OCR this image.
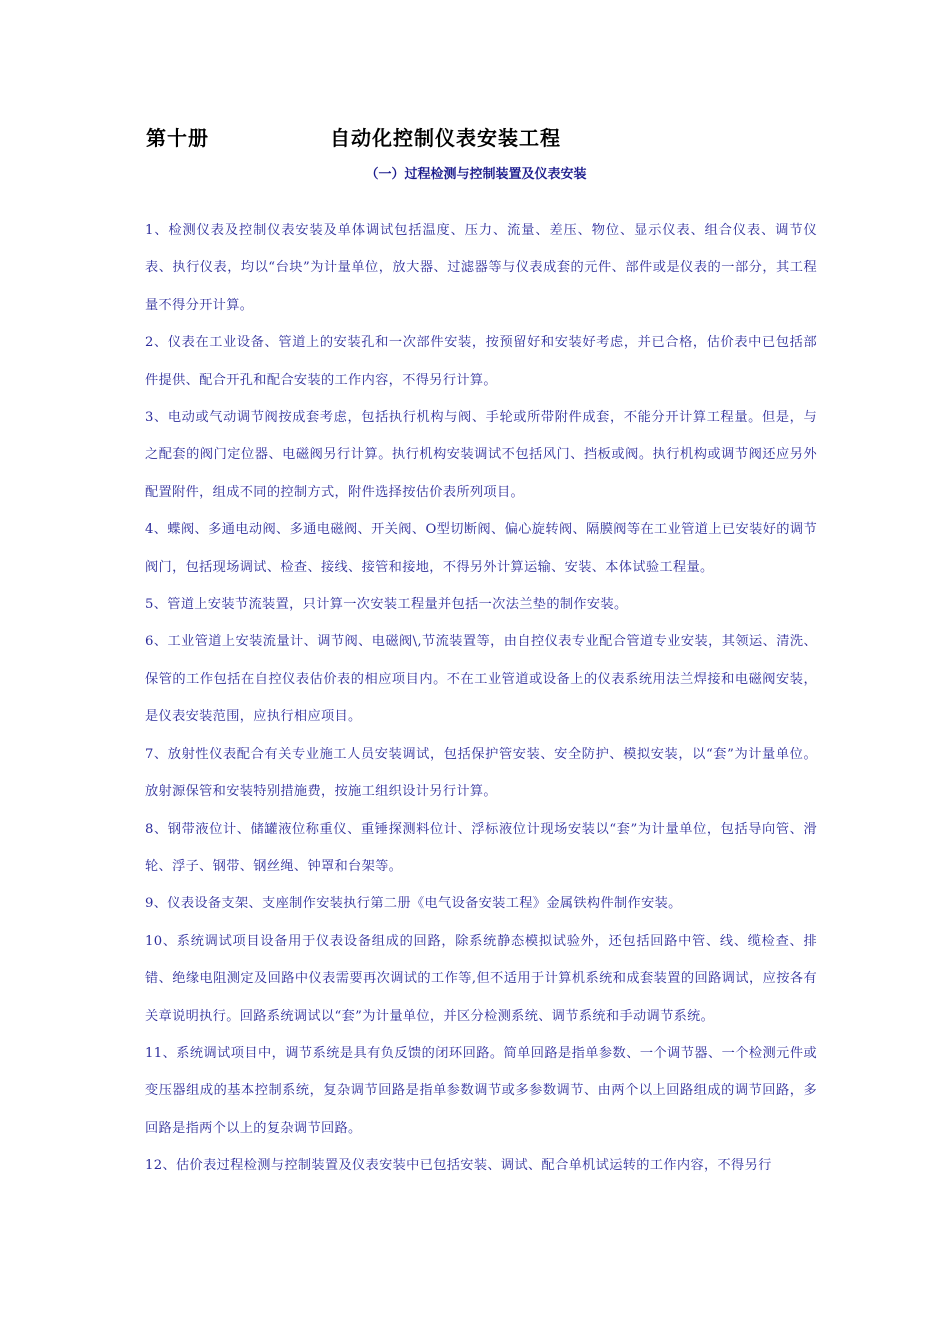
第十册	自动化控制仪表安装工程
（一）过程检测与控制装置及仪表安装

1、检测仪表及控制仪表安装及单体调试包括温度、压力、流量、差压、物位、显示仪表、组合仪表、调节仪表、执行仪表，均以“台块”为计量单位，放大器、过滤器等与仪表成套的元件、部件或是仪表的一部分，其工程量不得分开计算。

2、仪表在工业设备、管道上的安装孔和一次部件安装，按预留好和安装好考虑，并已合格，估价表中已包括部件提供、配合开孔和配合安装的工作内容，不得另行计算。

3、电动或气动调节阀按成套考虑，包括执行机构与阀、手轮或所带附件成套，不能分开计算工程量。但是，与之配套的阀门定位器、电磁阀另行计算。执行机构安装调试不包括风门、挡板或阀。执行机构或调节阀还应另外配置附件，组成不同的控制方式，附件选择按估价表所列项目。

4、蝶阀、多通电动阀、多通电磁阀、开关阀、O型切断阀、偏心旋转阀、隔膜阀等在工业管道上已安装好的调节阀门，包括现场调试、检查、接线、接管和接地，不得另外计算运输、安装、本体试验工程量。

5、管道上安装节流装置，只计算一次安装工程量并包括一次法兰垫的制作安装。

6、工业管道上安装流量计、调节阀、电磁阀\,节流装置等，由自控仪表专业配合管道专业安装，其领运、清洗、保管的工作包括在自控仪表估价表的相应项目内。不在工业管道或设备上的仪表系统用法兰焊接和电磁阀安装，是仪表安装范围，应执行相应项目。

7、放射性仪表配合有关专业施工人员安装调试，包括保护管安装、安全防护、模拟安装，以“套”为计量单位。放射源保管和安装特别措施费，按施工组织设计另行计算。

8、钢带液位计、储罐液位称重仪、重锤探测料位计、浮标液位计现场安装以“套”为计量单位，包括导向管、滑轮、浮子、钢带、钢丝绳、钟罩和台架等。

9、仪表设备支架、支座制作安装执行第二册《电气设备安装工程》金属铁构件制作安装。

10、系统调试项目设备用于仪表设备组成的回路，除系统静态模拟试验外，还包括回路中管、线、缆检查、排错、绝缘电阻测定及回路中仪表需要再次调试的工作等,但不适用于计算机系统和成套装置的回路调试，应按各有关章说明执行。回路系统调试以“套”为计量单位，并区分检测系统、调节系统和手动调节系统。

11、系统调试项目中，调节系统是具有负反馈的闭环回路。简单回路是指单参数、一个调节器、一个检测元件或变压器组成的基本控制系统，复杂调节回路是指单参数调节或多参数调节、由两个以上回路组成的调节回路，多回路是指两个以上的复杂调节回路。

12、估价表过程检测与控制装置及仪表安装中已包括安装、调试、配合单机试运转的工作内容，不得另行
